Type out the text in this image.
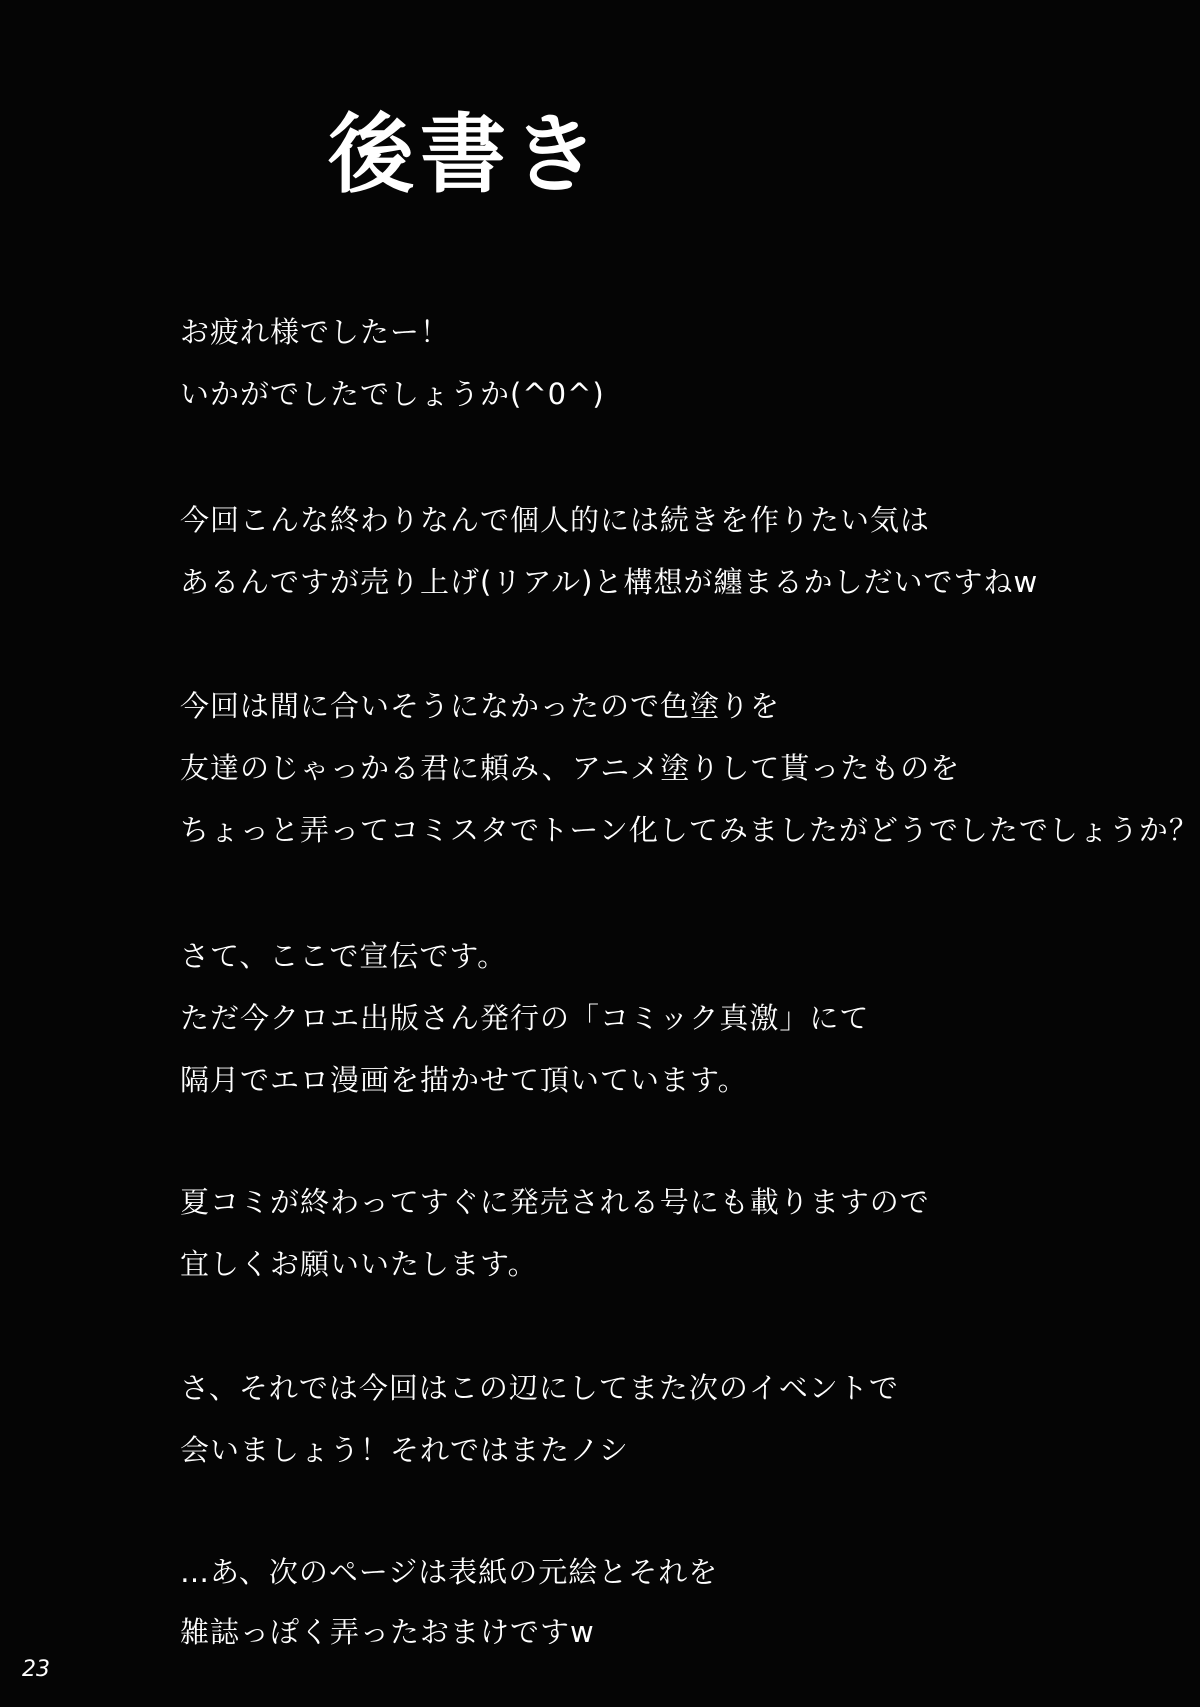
後書き
お疲れ様でしたー！
いかがでしたでしょうか(^0^)
今回こんな終わりなんで個人的には続きを作りたい気は
あるんですが売り上げ(リアル)と構想が纏まるかしだいですねw
今回は間に合いそうになかったので色塗りを
友達のじゃっかる君に頼み、アニメ塗りして貰ったものを
ちょっと弄ってコミスタでトーン化してみましたがどうでしたでしょうか？
さて、ここで宣伝です。
ただ今クロエ出版さん発行の「コミック真激」にて
隔月でエロ漫画を描かせて頂いています。
夏コミが終わってすぐに発売される号にも載りますので
宜しくお願いいたします。
さ、それでは今回はこの辺にしてまた次のイベントで
会いましょう！それではまたノシ
…あ、次のページは表紙の元絵とそれを
雑誌っぽく弄ったおまけですw
23
